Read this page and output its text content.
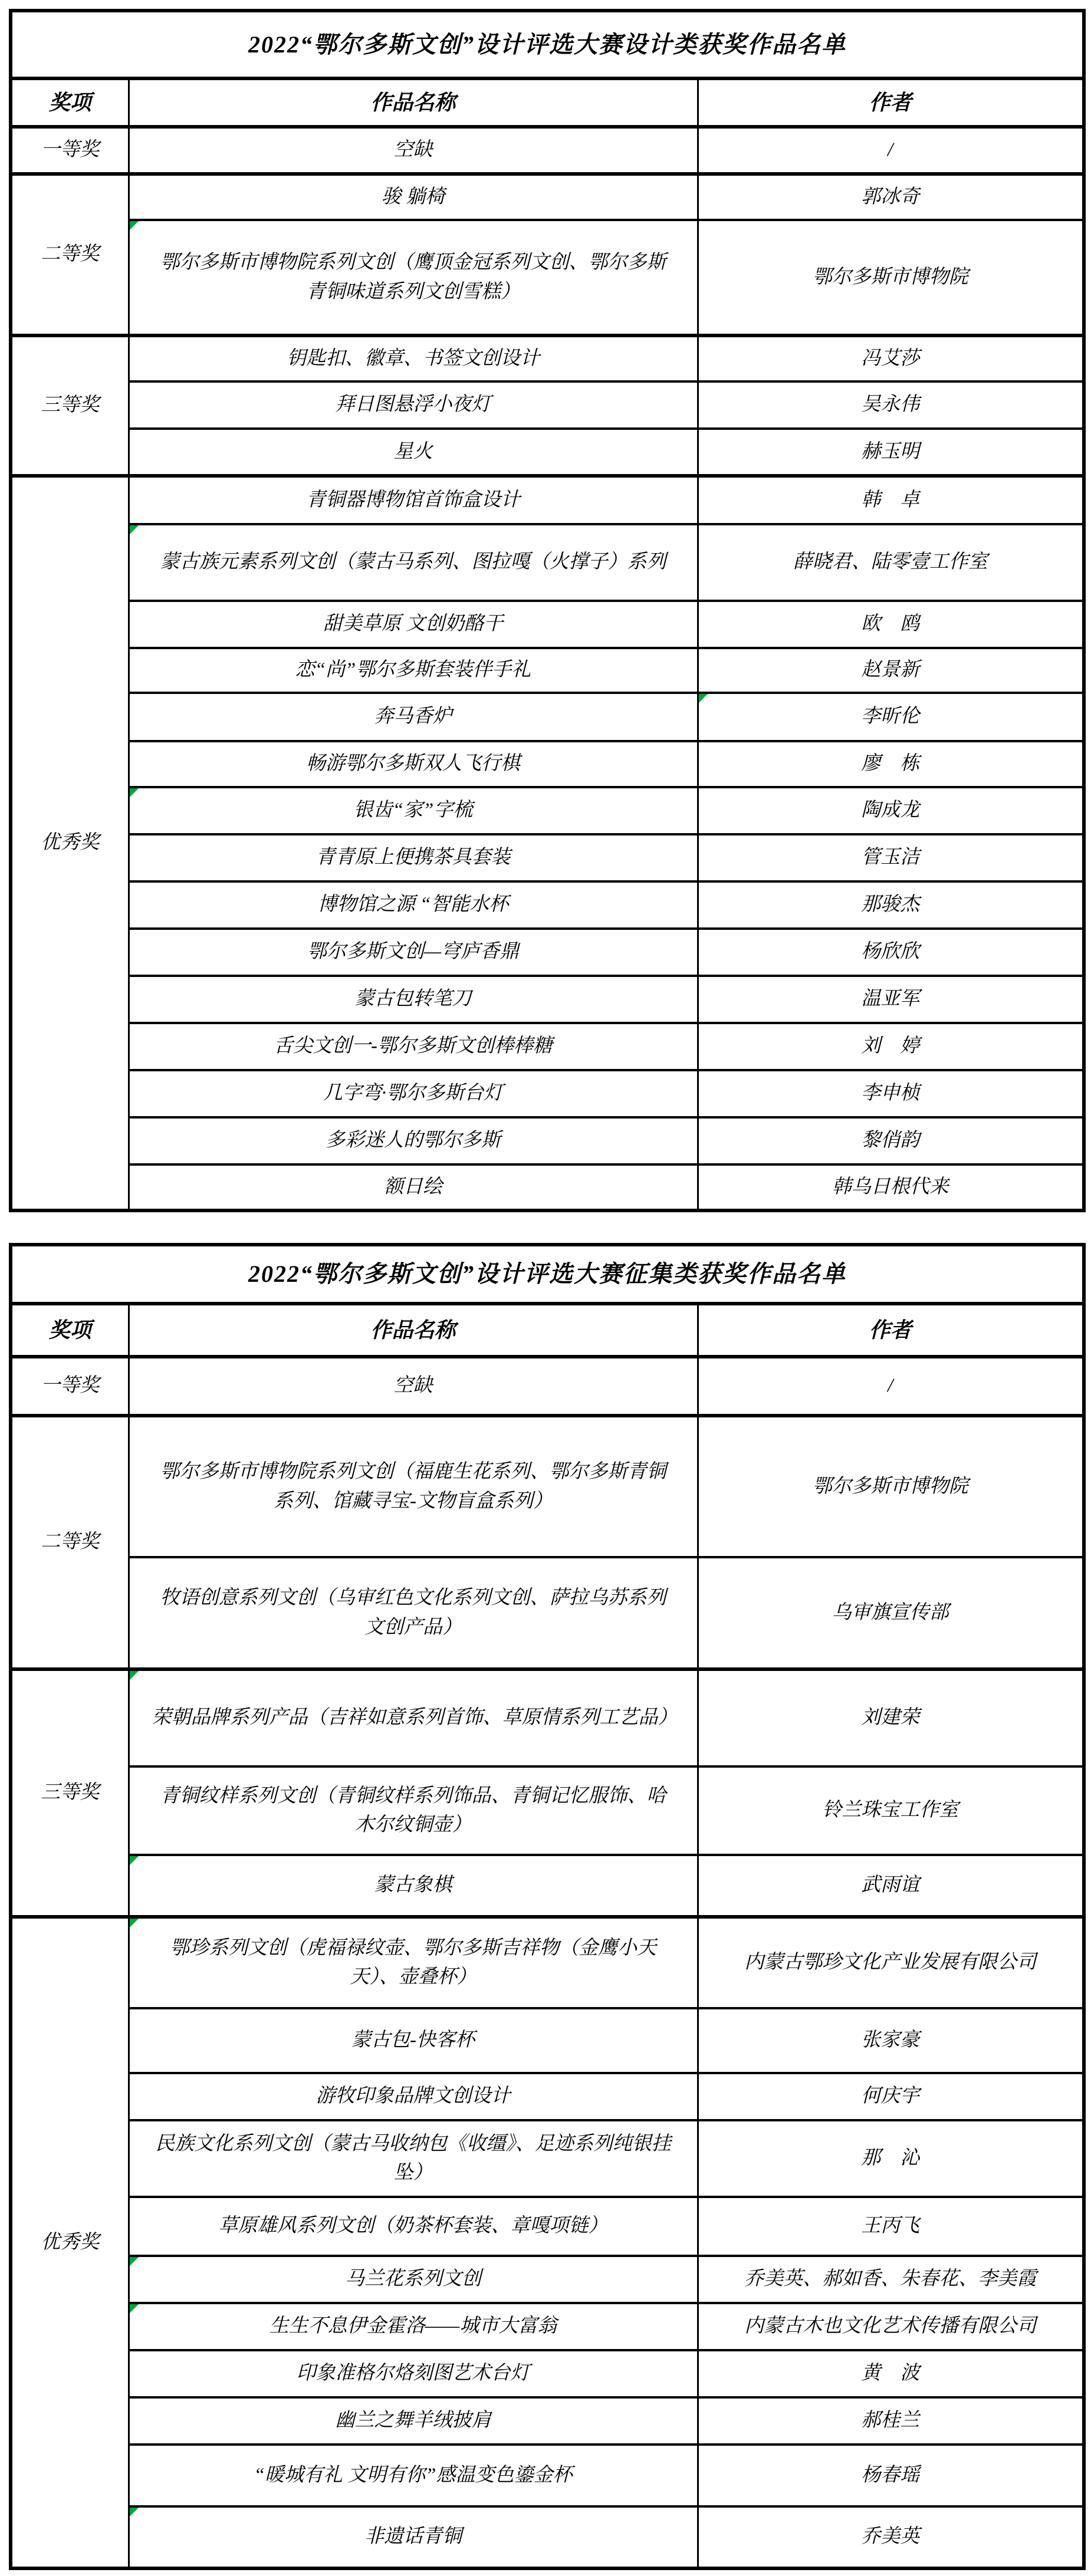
2022“鄂尔多斯文创”设计评选大赛设计类获奖作品名单		
奖项	作品名称	作者
一等奖	空缺	/
二等奖	骏 躺椅	郭冰奇
	鄂尔多斯市博物院系列文创（鹰顶金冠系列文创、鄂尔多斯青铜味道系列文创雪糕）	鄂尔多斯市博物院
三等奖	钥匙扣、徽章、书签文创设计	冯艾莎
	拜日图悬浮小夜灯	吴永伟
	星火	赫玉明
优秀奖	青铜器博物馆首饰盒设计	韩　卓
	蒙古族元素系列文创（蒙古马系列、图拉嘎（火撑子）系列	薛晓君、陆零壹工作室
	甜美草原 文创奶酪干	欧　鸥
	恋“尚”鄂尔多斯套装伴手礼	赵景新
	奔马香炉	李昕伦

	畅游鄂尔多斯双人飞行棋	廖　栋
	银齿“家”字梳	陶成龙
	青青原上便携茶具套装	管玉洁
	博物馆之源 “智能水杯	那骏杰
	鄂尔多斯文创—穹庐香鼎	杨欣欣
	蒙古包转笔刀	温亚军
	舌尖文创一-鄂尔多斯文创棒棒糖	刘　婷
	几字弯·鄂尔多斯台灯	李申桢
	多彩迷人的鄂尔多斯	黎俏韵
	额日绘	韩乌日根代来
2022“鄂尔多斯文创”设计评选大赛征集类获奖作品名单		
奖项	作品名称	作者
一等奖	空缺	/
二等奖	鄂尔多斯市博物院系列文创（福鹿生花系列、鄂尔多斯青铜系列、馆藏寻宝-文物盲盒系列）	鄂尔多斯市博物院
	牧语创意系列文创（乌审红色文化系列文创、萨拉乌苏系列文创产品）	乌审旗宣传部
三等奖	荣朝品牌系列产品（吉祥如意系列首饰、草原情系列工艺品）	刘建荣
	青铜纹样系列文创（青铜纹样系列饰品、青铜记忆服饰、哈木尔纹铜壶）	铃兰珠宝工作室
	蒙古象棋	武雨谊
优秀奖	鄂珍系列文创（虎福禄纹壶、鄂尔多斯吉祥物（金鹰小天天）、壶叠杯）	内蒙古鄂珍文化产业发展有限公司
	蒙古包-快客杯	张家豪
	游牧印象品牌文创设计	何庆宇
	民族文化系列文创（蒙古马收纳包《收缰》、足迹系列纯银挂坠）	那　沁
	草原雄风系列文创（奶茶杯套装、章嘎项链）	王丙飞
	马兰花系列文创	乔美英、郝如香、朱春花、李美霞
	生生不息伊金霍洛——城市大富翁	内蒙古木也文化艺术传播有限公司
	印象准格尔烙刻图艺术台灯	黄　波
	幽兰之舞羊绒披肩	郝桂兰
	“暖城有礼 文明有你”感温变色鎏金杯	杨春瑶
	非遗话青铜	乔美英
